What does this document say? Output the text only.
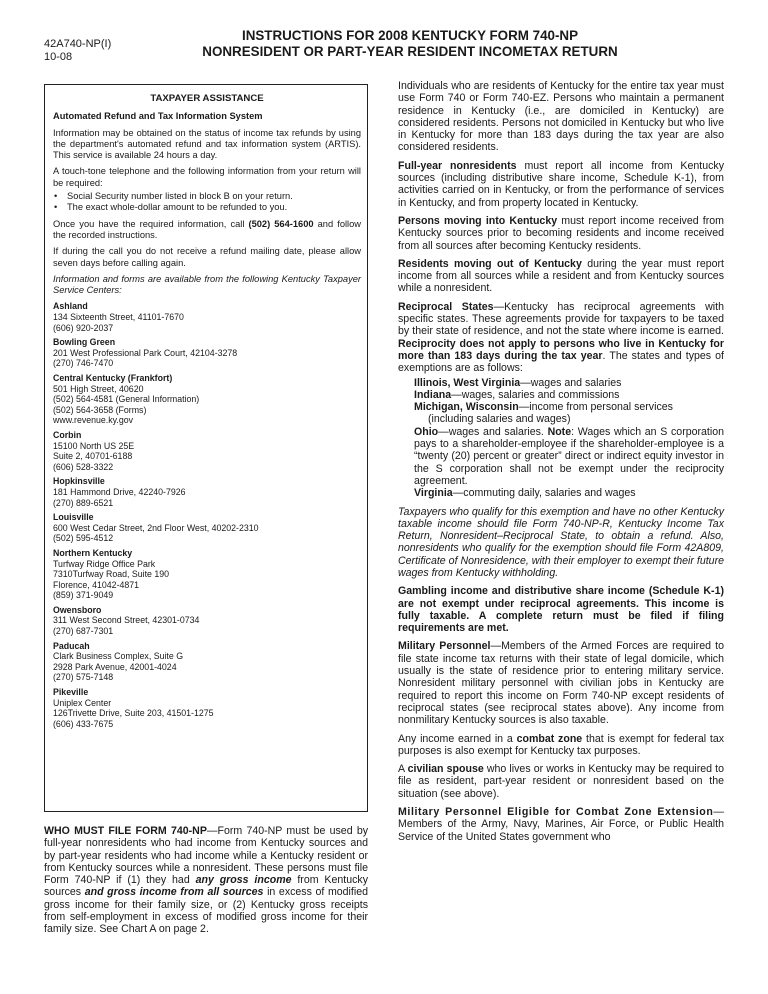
42A740-NP(I)
10-08
INSTRUCTIONS FOR 2008 KENTUCKY FORM 740-NP
NONRESIDENT OR PART-YEAR RESIDENT INCOMETAX RETURN
TAXPAYER ASSISTANCE

Automated Refund and Tax Information System

Information may be obtained on the status of income tax refunds by using the department's automated refund and tax information system (ARTIS). This service is available 24 hours a day.

A touch-tone telephone and the following information from your return will be required:

• Social Security number listed in block B on your return.
• The exact whole-dollar amount to be refunded to you.

Once you have the required information, call (502) 564-1600 and follow the recorded instructions.

If during the call you do not receive a refund mailing date, please allow seven days before calling again.

Information and forms are available from the following Kentucky Taxpayer Service Centers:

Ashland
134 Sixteenth Street, 41101-7670
(606) 920-2037
Bowling Green
201 West Professional Park Court, 42104-3278
(270) 746-7470
Central Kentucky (Frankfort)
501 High Street, 40620
(502) 564-4581 (General Information)
(502) 564-3658 (Forms)
www.revenue.ky.gov
Corbin
15100 North US 25E
Suite 2, 40701-6188
(606) 528-3322
Hopkinsville
181 Hammond Drive, 42240-7926
(270) 889-6521
Louisville
600 West Cedar Street, 2nd Floor West, 40202-2310
(502) 595-4512
Northern Kentucky
Turfway Ridge Office Park
7310Turfway Road, Suite 190
Florence, 41042-4871
(859) 371-9049
Owensboro
311 West Second Street, 42301-0734
(270) 687-7301
Paducah
Clark Business Complex, Suite G
2928 Park Avenue, 42001-4024
(270) 575-7148
Pikeville
Uniplex Center
126Trivette Drive, Suite 203, 41501-1275
(606) 433-7675
WHO MUST FILE FORM 740-NP—Form 740-NP must be used by full-year nonresidents who had income from Kentucky sources and by part-year residents who had income while a Kentucky resident or from Kentucky sources while a nonresident. These persons must file Form 740-NP if (1) they had any gross income from Kentucky sources and gross income from all sources in excess of modified gross income for their family size, or (2) Kentucky gross receipts from self-employment in excess of modified gross income for their family size. See Chart A on page 2.

Individuals who are residents of Kentucky for the entire tax year must use Form 740 or Form 740-EZ. Persons who maintain a permanent residence in Kentucky (i.e., are domiciled in Kentucky) are considered residents. Persons not domiciled in Kentucky but who live in Kentucky for more than 183 days during the tax year are also considered residents.

Full-year nonresidents must report all income from Kentucky sources (including distributive share income, Schedule K-1), from activities carried on in Kentucky, or from the performance of services in Kentucky, and from property located in Kentucky.

Persons moving into Kentucky must report income received from Kentucky sources prior to becoming residents and income received from all sources after becoming Kentucky residents.

Residents moving out of Kentucky during the year must report income from all sources while a resident and from Kentucky sources while a nonresident.

Reciprocal States—Kentucky has reciprocal agreements with specific states. These agreements provide for taxpayers to be taxed by their state of residence, and not the state where income is earned. Reciprocity does not apply to persons who live in Kentucky for more than 183 days during the tax year. The states and types of exemptions are as follows:

Illinois, West Virginia—wages and salaries
Indiana—wages, salaries and commissions
Michigan, Wisconsin—income from personal services
(including salaries and wages)
Ohio—wages and salaries. Note: Wages which an S corporation pays to a shareholder-employee if the shareholder-employee is a “twenty (20) percent or greater” direct or indirect equity investor in the S corporation shall not be exempt under the reciprocity agreement.
Virginia—commuting daily, salaries and wages

Taxpayers who qualify for this exemption and have no other Kentucky taxable income should file Form 740-NP-R, Kentucky Income Tax Return, Nonresident–Reciprocal State, to obtain a refund. Also, nonresidents who qualify for the exemption should file Form 42A809, Certificate of Nonresidence, with their employer to exempt their future wages from Kentucky withholding.

Gambling income and distributive share income (Schedule K-1) are not exempt under reciprocal agreements. This income is fully taxable. A complete return must be filed if filing requirements are met.

Military Personnel—Members of the Armed Forces are required to file state income tax returns with their state of legal domicile, which usually is the state of residence prior to entering military service. Nonresident military personnel with civilian jobs in Kentucky are required to report this income on Form 740-NP except residents of reciprocal states (see reciprocal states above). Any income from nonmilitary Kentucky sources is also taxable.

Any income earned in a combat zone that is exempt for federal tax purposes is also exempt for Kentucky tax purposes.

A civilian spouse who lives or works in Kentucky may be required to file as resident, part-year resident or nonresident based on the situation (see above).

Military Personnel Eligible for Combat Zone Extension—Members of the Army, Navy, Marines, Air Force, or Public Health Service of the United States government who
